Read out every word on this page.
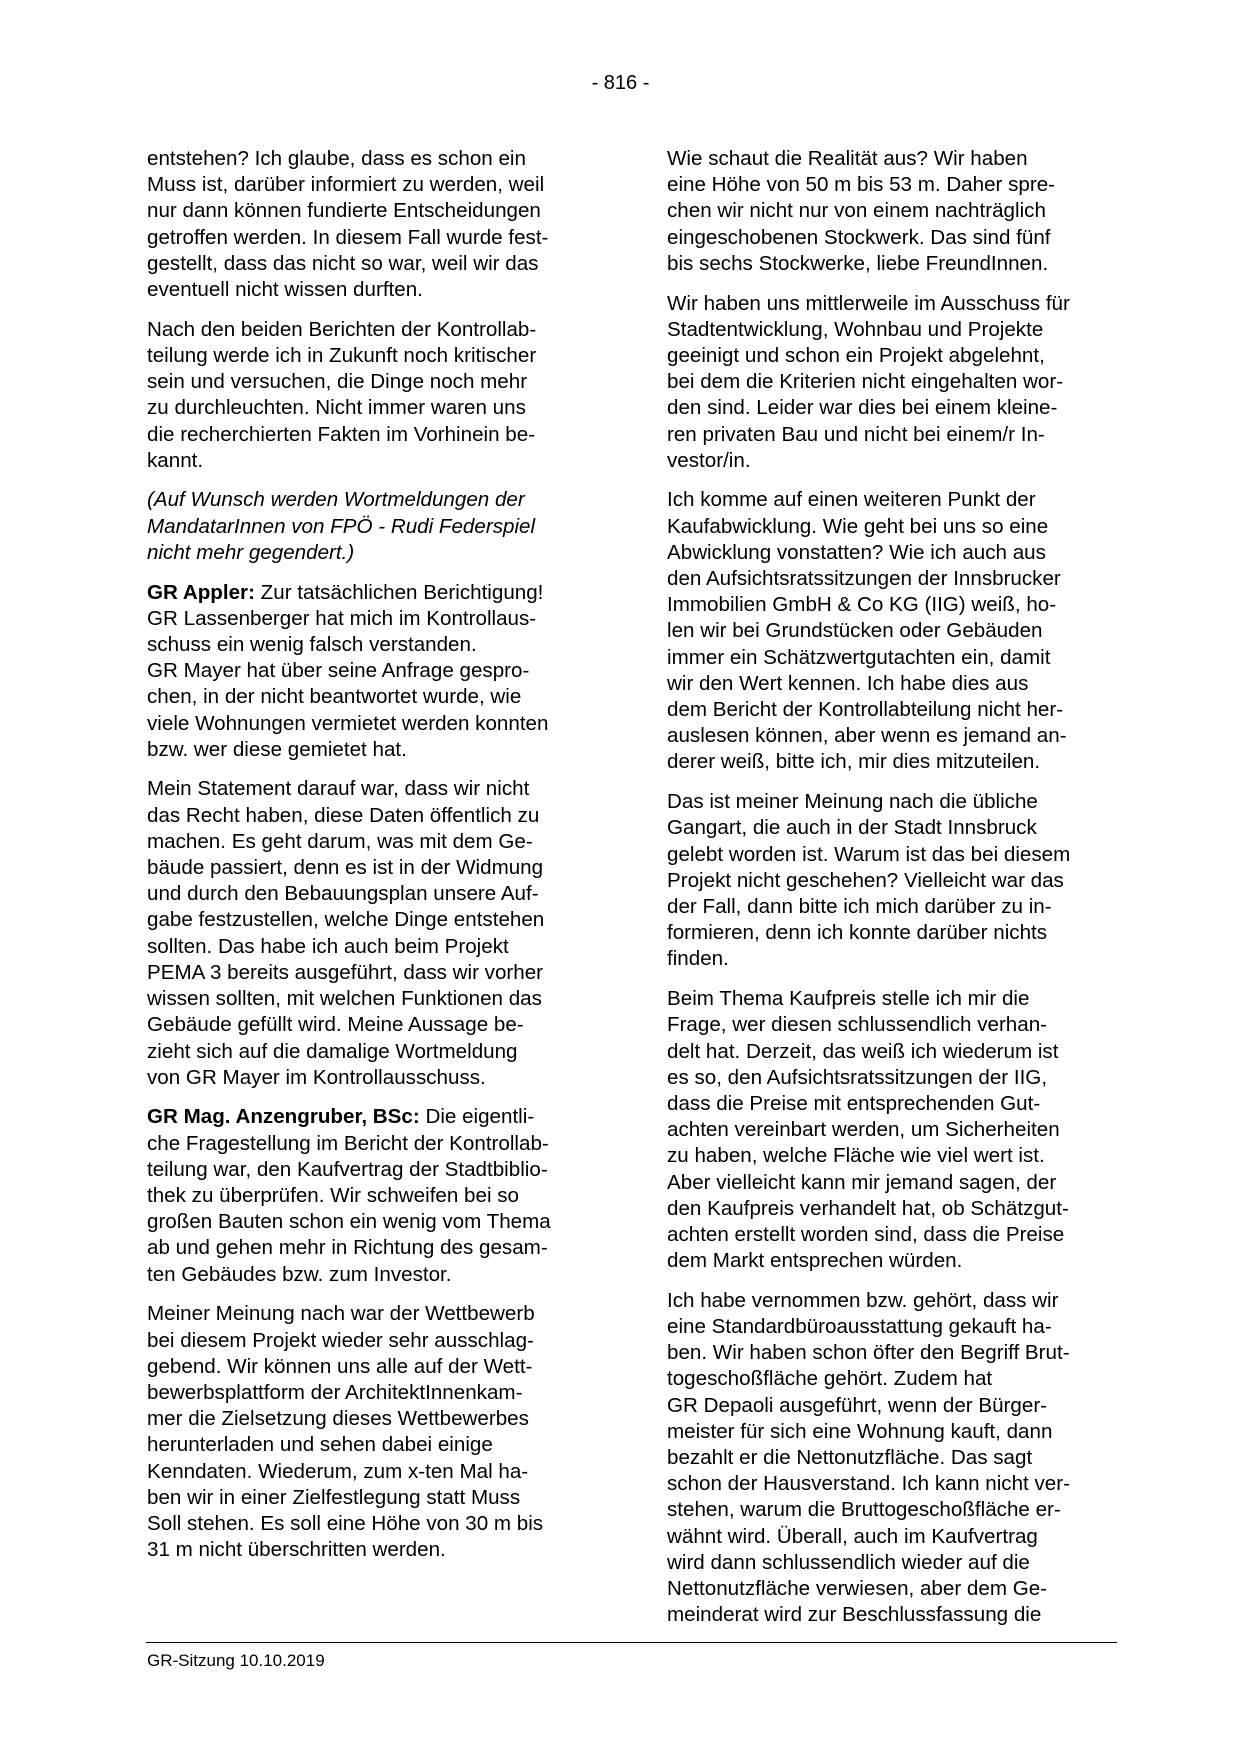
- 816 -

entstehen? Ich glaube, dass es schon ein
Muss ist, darüber informiert zu werden, weil
nur dann können fundierte Entscheidungen
getroffen werden. In diesem Fall wurde fest-
gestellt, dass das nicht so war, weil wir das
eventuell nicht wissen durften.

Nach den beiden Berichten der Kontrollab-
teilung werde ich in Zukunft noch kritischer
sein und versuchen, die Dinge noch mehr
zu durchleuchten. Nicht immer waren uns
die recherchierten Fakten im Vorhinein be-
kannt.

(Auf Wunsch werden Wortmeldungen der
MandatarInnen von FPÖ - Rudi Federspiel
nicht mehr gegendert.)

GR Appler: Zur tatsächlichen Berichtigung!
GR Lassenberger hat mich im Kontrollaus-
schuss ein wenig falsch verstanden.
GR Mayer hat über seine Anfrage gespro-
chen, in der nicht beantwortet wurde, wie
viele Wohnungen vermietet werden konnten
bzw. wer diese gemietet hat.

Mein Statement darauf war, dass wir nicht
das Recht haben, diese Daten öffentlich zu
machen. Es geht darum, was mit dem Ge-
bäude passiert, denn es ist in der Widmung
und durch den Bebauungsplan unsere Auf-
gabe festzustellen, welche Dinge entstehen
sollten. Das habe ich auch beim Projekt
PEMA 3 bereits ausgeführt, dass wir vorher
wissen sollten, mit welchen Funktionen das
Gebäude gefüllt wird. Meine Aussage be-
zieht sich auf die damalige Wortmeldung
von GR Mayer im Kontrollausschuss.

GR Mag. Anzengruber, BSc: Die eigentli-
che Fragestellung im Bericht der Kontrollab-
teilung war, den Kaufvertrag der Stadtbiblio-
thek zu überprüfen. Wir schweifen bei so
großen Bauten schon ein wenig vom Thema
ab und gehen mehr in Richtung des gesam-
ten Gebäudes bzw. zum Investor.

Meiner Meinung nach war der Wettbewerb
bei diesem Projekt wieder sehr ausschlag-
gebend. Wir können uns alle auf der Wett-
bewerbsplattform der ArchitektInnenkam-
mer die Zielsetzung dieses Wettbewerbes
herunterladen und sehen dabei einige
Kenndaten. Wiederum, zum x-ten Mal ha-
ben wir in einer Zielfestlegung statt Muss
Soll stehen. Es soll eine Höhe von 30 m bis
31 m nicht überschritten werden.

Wie schaut die Realität aus? Wir haben
eine Höhe von 50 m bis 53 m. Daher spre-
chen wir nicht nur von einem nachträglich
eingeschobenen Stockwerk. Das sind fünf
bis sechs Stockwerke, liebe FreundInnen.

Wir haben uns mittlerweile im Ausschuss für
Stadtentwicklung, Wohnbau und Projekte
geeinigt und schon ein Projekt abgelehnt,
bei dem die Kriterien nicht eingehalten wor-
den sind. Leider war dies bei einem kleine-
ren privaten Bau und nicht bei einem/r In-
vestor/in.

Ich komme auf einen weiteren Punkt der
Kaufabwicklung. Wie geht bei uns so eine
Abwicklung vonstatten? Wie ich auch aus
den Aufsichtsratssitzungen der Innsbrucker
Immobilien GmbH & Co KG (IIG) weiß, ho-
len wir bei Grundstücken oder Gebäuden
immer ein Schätzwertgutachten ein, damit
wir den Wert kennen. Ich habe dies aus
dem Bericht der Kontrollabteilung nicht her-
auslesen können, aber wenn es jemand an-
derer weiß, bitte ich, mir dies mitzuteilen.

Das ist meiner Meinung nach die übliche
Gangart, die auch in der Stadt Innsbruck
gelebt worden ist. Warum ist das bei diesem
Projekt nicht geschehen? Vielleicht war das
der Fall, dann bitte ich mich darüber zu in-
formieren, denn ich konnte darüber nichts
finden.

Beim Thema Kaufpreis stelle ich mir die
Frage, wer diesen schlussendlich verhan-
delt hat. Derzeit, das weiß ich wiederum ist
es so, den Aufsichtsratssitzungen der IIG,
dass die Preise mit entsprechenden Gut-
achten vereinbart werden, um Sicherheiten
zu haben, welche Fläche wie viel wert ist.
Aber vielleicht kann mir jemand sagen, der
den Kaufpreis verhandelt hat, ob Schätzgut-
achten erstellt worden sind, dass die Preise
dem Markt entsprechen würden.

Ich habe vernommen bzw. gehört, dass wir
eine Standardbüroausstattung gekauft ha-
ben. Wir haben schon öfter den Begriff Brut-
togeschoßfläche gehört. Zudem hat
GR Depaoli ausgeführt, wenn der Bürger-
meister für sich eine Wohnung kauft, dann
bezahlt er die Nettonutzfläche. Das sagt
schon der Hausverstand. Ich kann nicht ver-
stehen, warum die Bruttogeschoßfläche er-
wähnt wird. Überall, auch im Kaufvertrag
wird dann schlussendlich wieder auf die
Nettonutzfläche verwiesen, aber dem Ge-
meinderat wird zur Beschlussfassung die

GR-Sitzung 10.10.2019
